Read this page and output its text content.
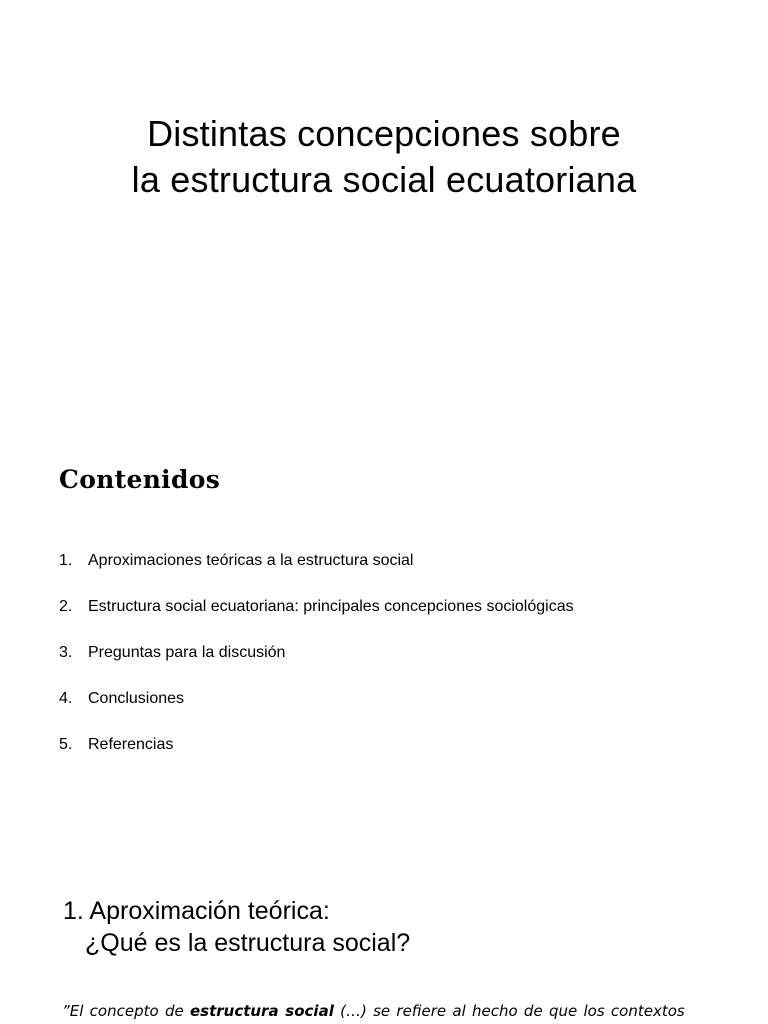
Distintas concepciones sobre
la estructura social ecuatoriana
Contenidos
1. Aproximaciones teóricas a la estructura social
2. Estructura social ecuatoriana: principales concepciones sociológicas
3. Preguntas para la discusión
4. Conclusiones
5. Referencias
1. Aproximación teórica:
¿Qué es la estructura social?

”El concepto de estructura social (…) se refiere al hecho de que los contextos
